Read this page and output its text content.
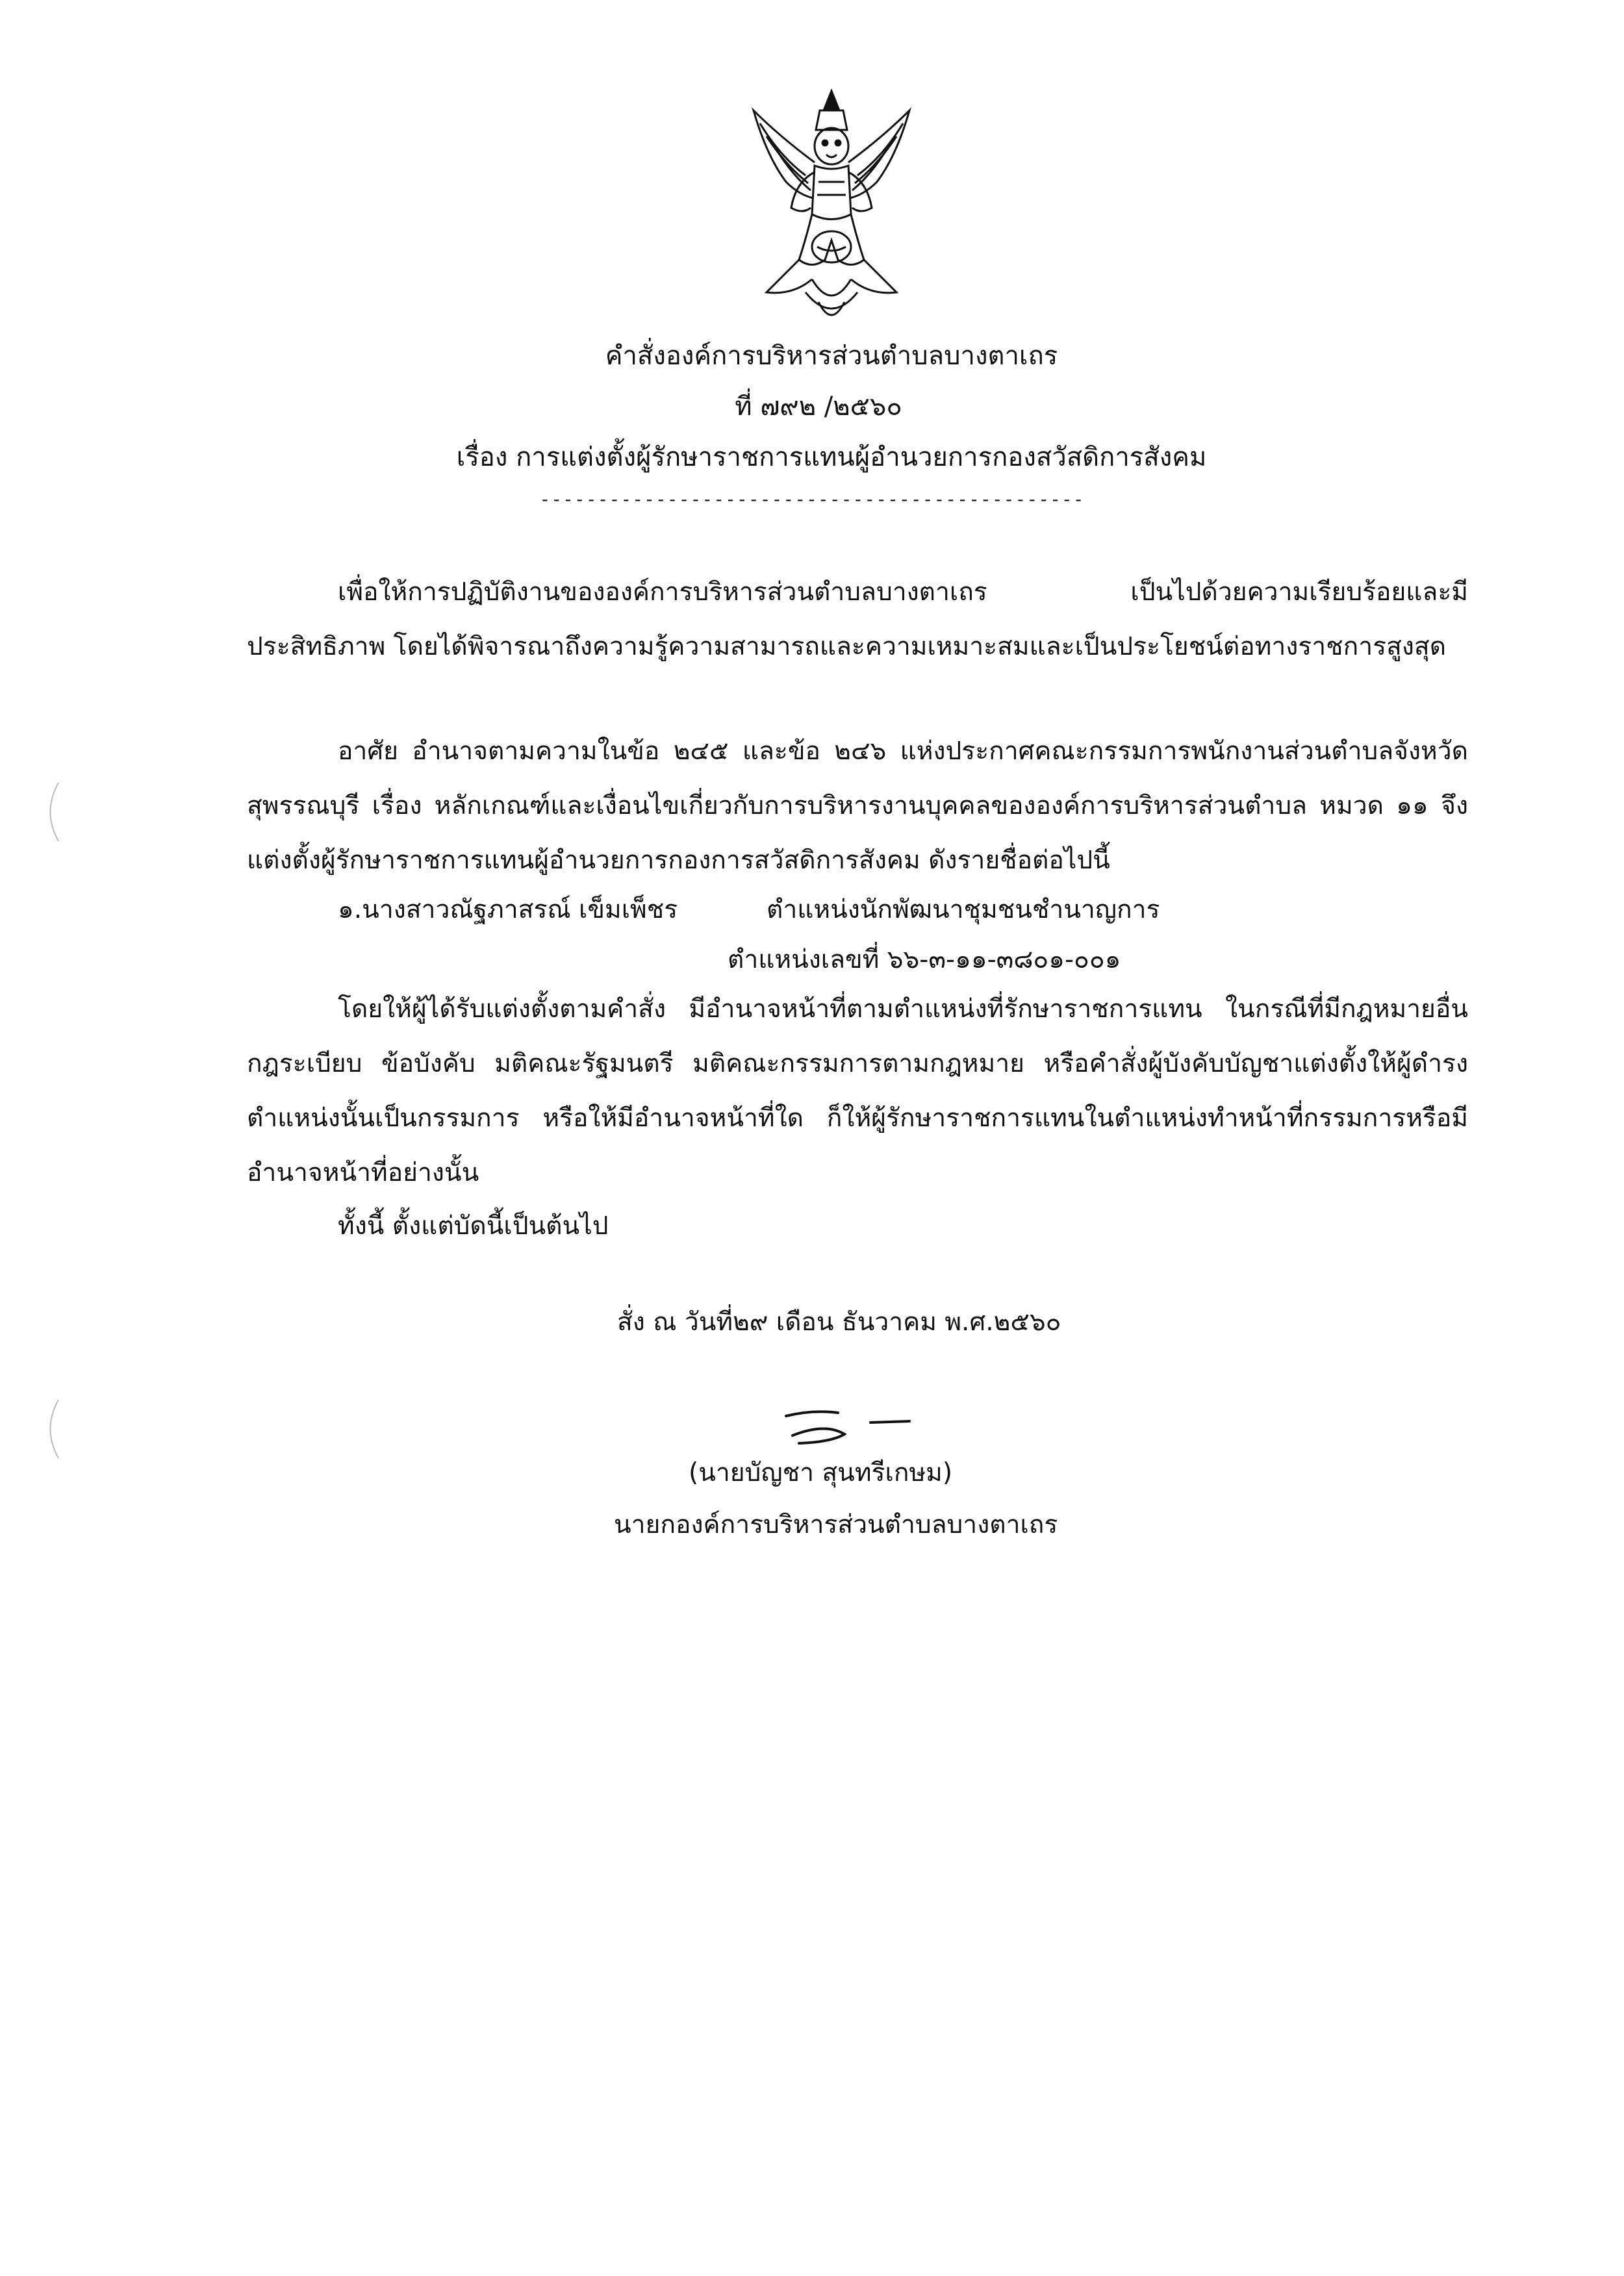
คำสั่งองค์การบริหารส่วนตำบลบางตาเถร
ที่ ๗๙๒ /๒๕๖๐
เรื่อง การแต่งตั้งผู้รักษาราชการแทนผู้อำนวยการกองสวัสดิการสังคม
-----------------------------------------------
เพื่อให้การปฏิบัติงานขององค์การบริหารส่วนตำบลบางตาเถร เป็นไปด้วยความเรียบร้อยและมีประสิทธิภาพ โดยได้พิจารณาถึงความรู้ความสามารถและความเหมาะสมและเป็นประโยชน์ต่อทางราชการสูงสุด
อาศัย อำนาจตามความในข้อ ๒๔๕ และข้อ ๒๔๖ แห่งประกาศคณะกรรมการพนักงานส่วนตำบลจังหวัดสุพรรณบุรี เรื่อง หลักเกณฑ์และเงื่อนไขเกี่ยวกับการบริหารงานบุคคลขององค์การบริหารส่วนตำบล หมวด ๑๑ จึงแต่งตั้งผู้รักษาราชการแทนผู้อำนวยการกองการสวัสดิการสังคม ดังรายชื่อต่อไปนี้
๑.นางสาวณัฐภาสรณ์ เข็มเพ็ชร	ตำแหน่งนักพัฒนาชุมชนชำนาญการ
ตำแหน่งเลขที่ ๖๖-๓-๑๑-๓๘๐๑-๐๐๑
โดยให้ผู้ได้รับแต่งตั้งตามคำสั่ง มีอำนาจหน้าที่ตามตำแหน่งที่รักษาราชการแทน ในกรณีที่มีกฎหมายอื่น กฎระเบียบ ข้อบังคับ มติคณะรัฐมนตรี มติคณะกรรมการตามกฎหมาย หรือคำสั่งผู้บังคับบัญชาแต่งตั้งให้ผู้ดำรงตำแหน่งนั้นเป็นกรรมการ หรือให้มีอำนาจหน้าที่ใด ก็ให้ผู้รักษาราชการแทนในตำแหน่งทำหน้าที่กรรมการหรือมีอำนาจหน้าที่อย่างนั้น
ทั้งนี้ ตั้งแต่บัดนี้เป็นต้นไป
สั่ง ณ วันที่๒๙ เดือน ธันวาคม พ.ศ.๒๕๖๐
(นายบัญชา สุนทรีเกษม)
นายกองค์การบริหารส่วนตำบลบางตาเถร
